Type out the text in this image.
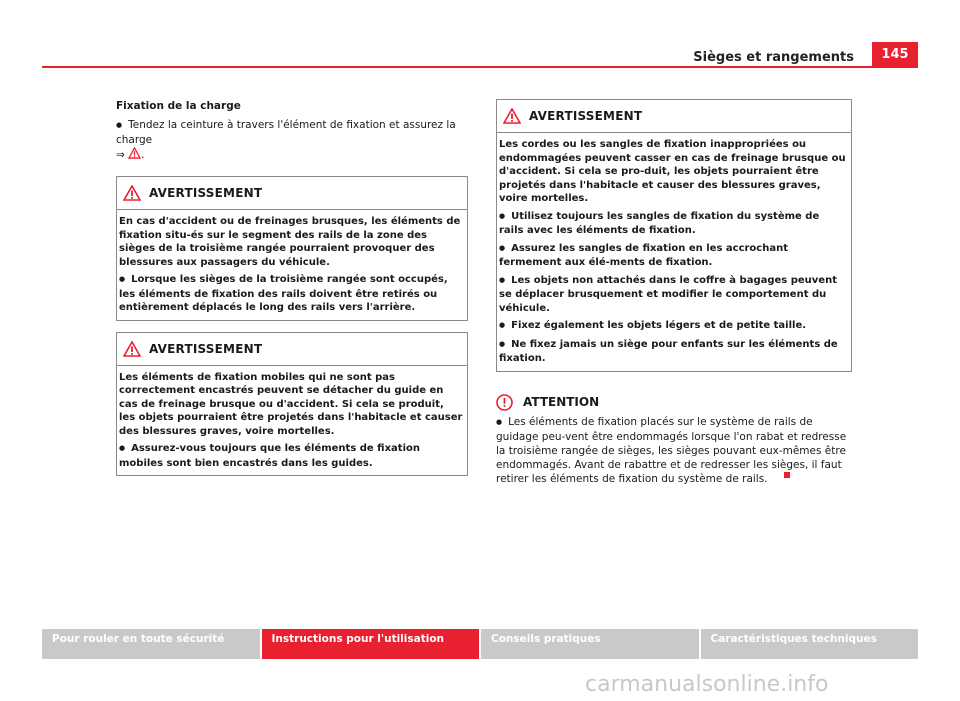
Sièges et rangements	145

Fixation de la charge

● Tendez la ceinture à travers l'élément de fixation et assurez la charge
⇒ .

AVERTISSEMENT

En cas d'accident ou de freinages brusques, les éléments de fixation situ-és sur le segment des rails de la zone des sièges de la troisième rangée pourraient provoquer des blessures aux passagers du véhicule.

● Lorsque les sièges de la troisième rangée sont occupés, les éléments de fixation des rails doivent être retirés ou entièrement déplacés le long des rails vers l'arrière.

AVERTISSEMENT

Les éléments de fixation mobiles qui ne sont pas correctement encastrés peuvent se détacher du guide en cas de freinage brusque ou d'accident. Si cela se produit, les objets pourraient être projetés dans l'habitacle et causer des blessures graves, voire mortelles.

● Assurez-vous toujours que les éléments de fixation mobiles sont bien encastrés dans les guides.

AVERTISSEMENT

Les cordes ou les sangles de fixation inappropriées ou endommagées peuvent casser en cas de freinage brusque ou d'accident. Si cela se pro-duit, les objets pourraient être projetés dans l'habitacle et causer des blessures graves, voire mortelles.

● Utilisez toujours les sangles de fixation du système de rails avec les éléments de fixation.

● Assurez les sangles de fixation en les accrochant fermement aux élé-ments de fixation.

● Les objets non attachés dans le coffre à bagages peuvent se déplacer brusquement et modifier le comportement du véhicule.

● Fixez également les objets légers et de petite taille.

● Ne fixez jamais un siège pour enfants sur les éléments de fixation.

ATTENTION

● Les éléments de fixation placés sur le système de rails de guidage peu-vent être endommagés lorsque l'on rabat et redresse la troisième rangée de sièges, les sièges pouvant eux-mêmes être endommagés. Avant de rabattre et de redresser les sièges, il faut retirer les éléments de fixation du système de rails.

Pour rouler en toute sécurité	Instructions pour l'utilisation	Conseils pratiques	Caractéristiques techniques
carmanualsonline.info
